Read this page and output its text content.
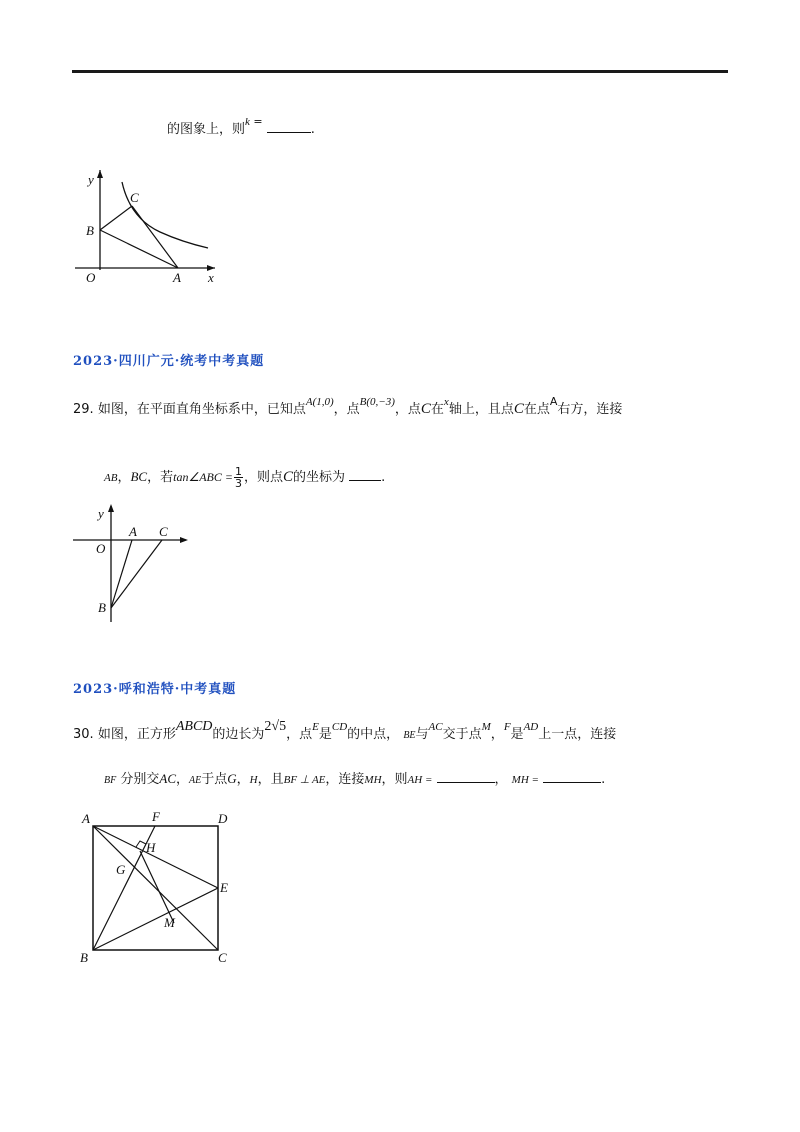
的图象上，则$^{k =}$ .
y
x
O	A
B
C
2023·四川广元·统考中考真题
29. 如图，在平面直角坐标系中，已知点$^{A(1,0)}$，点$^{B(0,-3)}$，点C在$^x$轴上，且点C在点$^A$右方，连接
AB，BC，若tan∠ABC = $\frac{1}{3}$ ，则点C的坐标为	.
y
O
A C
B
2023·呼和浩特·中考真题
30. 如图，正方形ABCD的边长为2√5，点$^E$是$^{CD}$的中点， BE与$^{AC}$交于点$^M$，$^F$是$^{AD}$上一点，连接
BF 分别交AC，AE于点G，H，且BF ⊥ AE，连接MH，则AH =	， MH =	.
A	F	D
H
G
E
M
B	C
